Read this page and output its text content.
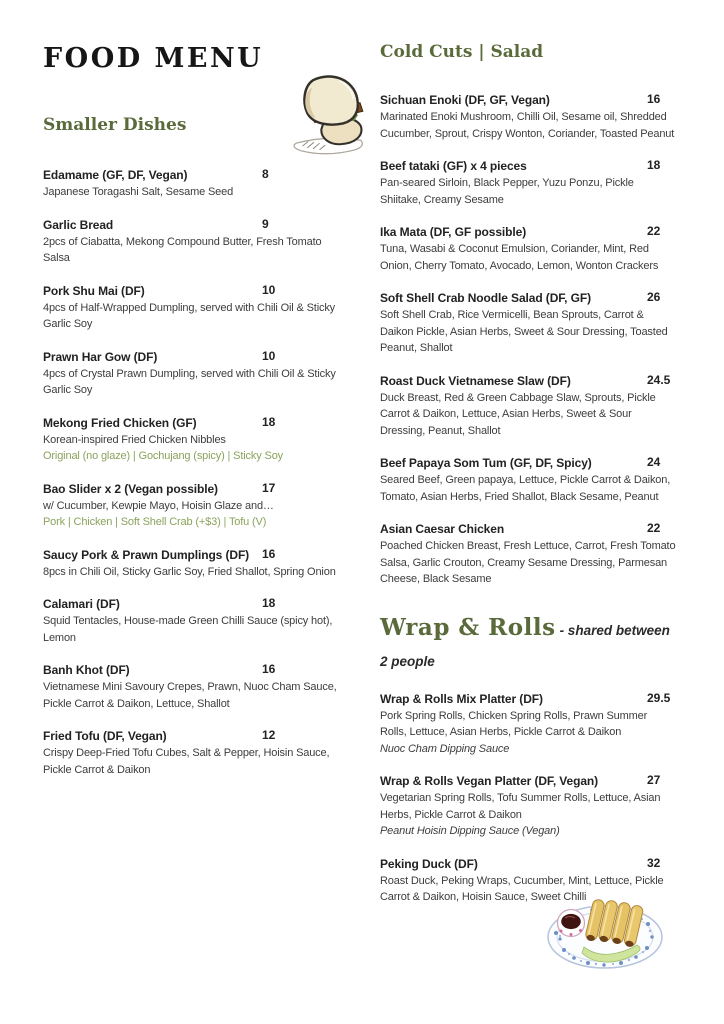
FOOD MENU
Smaller Dishes
Edamame (GF, DF, Vegan)	8
Japanese Toragashi Salt, Sesame Seed
Garlic Bread	9
2pcs of Ciabatta, Mekong Compound Butter, Fresh Tomato Salsa
Pork Shu Mai (DF)	10
4pcs of Half-Wrapped Dumpling, served with Chili Oil & Sticky Garlic Soy
Prawn Har Gow (DF)	10
4pcs of Crystal Prawn Dumpling, served with Chili Oil & Sticky Garlic Soy
Mekong Fried Chicken (GF)	18
Korean-inspired Fried Chicken Nibbles
Original (no glaze) | Gochujang (spicy) | Sticky Soy
Bao Slider x 2 (Vegan possible)	17
w/ Cucumber, Kewpie Mayo, Hoisin Glaze and…
Pork | Chicken | Soft Shell Crab (+$3) | Tofu (V)
Saucy Pork & Prawn Dumplings (DF) 16
8pcs in Chili Oil, Sticky Garlic Soy, Fried Shallot, Spring Onion
Calamari (DF)	18
Squid Tentacles, House-made Green Chilli Sauce (spicy hot), Lemon
Banh Khot (DF)	16
Vietnamese Mini Savoury Crepes, Prawn, Nuoc Cham Sauce, Pickle Carrot & Daikon, Lettuce, Shallot
Fried Tofu (DF, Vegan)	12
Crispy Deep-Fried Tofu Cubes, Salt & Pepper, Hoisin Sauce, Pickle Carrot & Daikon
Cold Cuts | Salad
Sichuan Enoki (DF, GF, Vegan)	16
Marinated Enoki Mushroom, Chilli Oil, Sesame oil, Shredded Cucumber, Sprout, Crispy Wonton, Coriander, Toasted Peanut
Beef tataki (GF) x 4 pieces	18
Pan-seared Sirloin, Black Pepper, Yuzu Ponzu, Pickle Shiitake, Creamy Sesame
Ika Mata (DF, GF possible)	22
Tuna, Wasabi & Coconut Emulsion, Coriander, Mint, Red Onion, Cherry Tomato, Avocado, Lemon, Wonton Crackers
Soft Shell Crab Noodle Salad (DF, GF)	26
Soft Shell Crab, Rice Vermicelli, Bean Sprouts, Carrot & Daikon Pickle, Asian Herbs, Sweet & Sour Dressing, Toasted Peanut, Shallot
Roast Duck Vietnamese Slaw (DF)	24.5
Duck Breast, Red & Green Cabbage Slaw, Sprouts, Pickle Carrot & Daikon, Lettuce, Asian Herbs, Sweet & Sour Dressing, Peanut, Shallot
Beef Papaya Som Tum (GF, DF, Spicy)	24
Seared Beef, Green papaya, Lettuce, Pickle Carrot & Daikon, Tomato, Asian Herbs, Fried Shallot, Black Sesame, Peanut
Asian Caesar Chicken	22
Poached Chicken Breast, Fresh Lettuce, Carrot, Fresh Tomato Salsa, Garlic Crouton, Creamy Sesame Dressing, Parmesan Cheese, Black Sesame
Wrap & Rolls - shared between 2 people
Wrap & Rolls Mix Platter (DF)	29.5
Pork Spring Rolls, Chicken Spring Rolls, Prawn Summer Rolls, Lettuce, Asian Herbs, Pickle Carrot & Daikon
Nuoc Cham Dipping Sauce
Wrap & Rolls Vegan Platter (DF, Vegan)	27
Vegetarian Spring Rolls, Tofu Summer Rolls, Lettuce, Asian Herbs, Pickle Carrot & Daikon
Peanut Hoisin Dipping Sauce (Vegan)
Peking Duck (DF)	32
Roast Duck, Peking Wraps, Cucumber, Mint, Lettuce, Pickle Carrot & Daikon, Hoisin Sauce, Sweet Chilli
